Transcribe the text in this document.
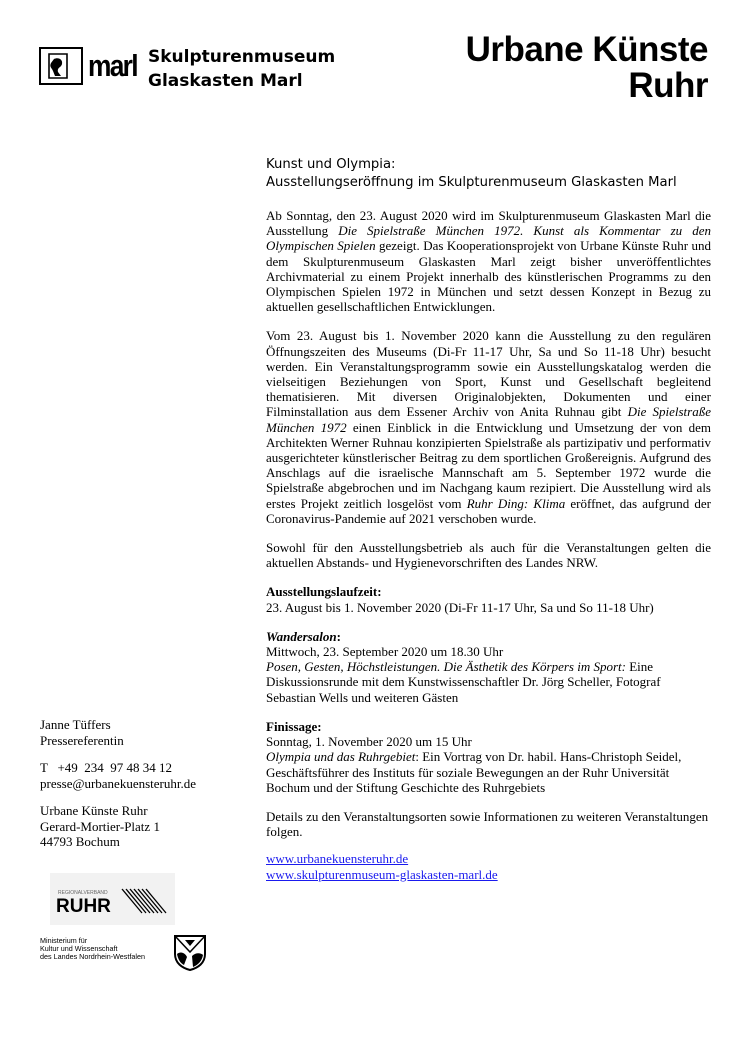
marl Skulpturenmuseum
Glaskasten Marl
Urbane Künste
Ruhr
Kunst und Olympia:
Ausstellungseröffnung im Skulpturenmuseum Glaskasten Marl

Ab Sonntag, den 23. August 2020 wird im Skulpturenmuseum Glaskasten Marl die Ausstellung Die Spielstraße München 1972. Kunst als Kommentar zu den Olympischen Spielen gezeigt. Das Kooperationsprojekt von Urbane Künste Ruhr und dem Skulpturenmuseum Glaskasten Marl zeigt bisher unveröffentlichtes Archivmaterial zu einem Projekt innerhalb des künstlerischen Programms zu den Olympischen Spielen 1972 in München und setzt dessen Konzept in Bezug zu aktuellen gesellschaftlichen Entwicklungen.

Vom 23. August bis 1. November 2020 kann die Ausstellung zu den regulären Öffnungszeiten des Museums (Di-Fr 11-17 Uhr, Sa und So 11-18 Uhr) besucht werden. Ein Veranstaltungsprogramm sowie ein Ausstellungskatalog werden die vielseitigen Beziehungen von Sport, Kunst und Gesellschaft begleitend thematisieren. Mit diversen Originalobjekten, Dokumenten und einer Filminstallation aus dem Essener Archiv von Anita Ruhnau gibt Die Spielstraße München 1972 einen Einblick in die Entwicklung und Umsetzung der von dem Architekten Werner Ruhnau konzipierten Spielstraße als partizipativ und performativ ausgerichteter künstlerischer Beitrag zu dem sportlichen Großereignis. Aufgrund des Anschlags auf die israelische Mannschaft am 5. September 1972 wurde die Spielstraße abgebrochen und im Nachgang kaum rezipiert. Die Ausstellung wird als erstes Projekt zeitlich losgelöst vom Ruhr Ding: Klima eröffnet, das aufgrund der Coronavirus-Pandemie auf 2021 verschoben wurde.

Sowohl für den Ausstellungsbetrieb als auch für die Veranstaltungen gelten die aktuellen Abstands- und Hygienevorschriften des Landes NRW.

Ausstellungslaufzeit:
23. August bis 1. November 2020 (Di-Fr 11-17 Uhr, Sa und So 11-18 Uhr)

Wandersalon:
Mittwoch, 23. September 2020 um 18.30 Uhr
Posen, Gesten, Höchstleistungen. Die Ästhetik des Körpers im Sport: Eine Diskussionsrunde mit dem Kunstwissenschaftler Dr. Jörg Scheller, Fotograf Sebastian Wells und weiteren Gästen

Finissage:
Sonntag, 1. November 2020 um 15 Uhr
Olympia und das Ruhrgebiet: Ein Vortrag von Dr. habil. Hans-Christoph Seidel, Geschäftsführer des Instituts für soziale Bewegungen an der Ruhr Universität Bochum und der Stiftung Geschichte des Ruhrgebiets

Details zu den Veranstaltungsorten sowie Informationen zu weiteren Veranstaltungen folgen.

www.urbanekuensteruhr.de
www.skulpturenmuseum-glaskasten-marl.de
Janne Tüffers
Pressereferentin
T   +49  234  97 48 34 12
presse@urbanekuensteruhr.de
Urbane Künste Ruhr
Gerard-Mortier-Platz 1
44793 Bochum
REGIONALVERBAND
RUHR
Ministerium für
Kultur und Wissenschaft
des Landes Nordrhein-Westfalen
